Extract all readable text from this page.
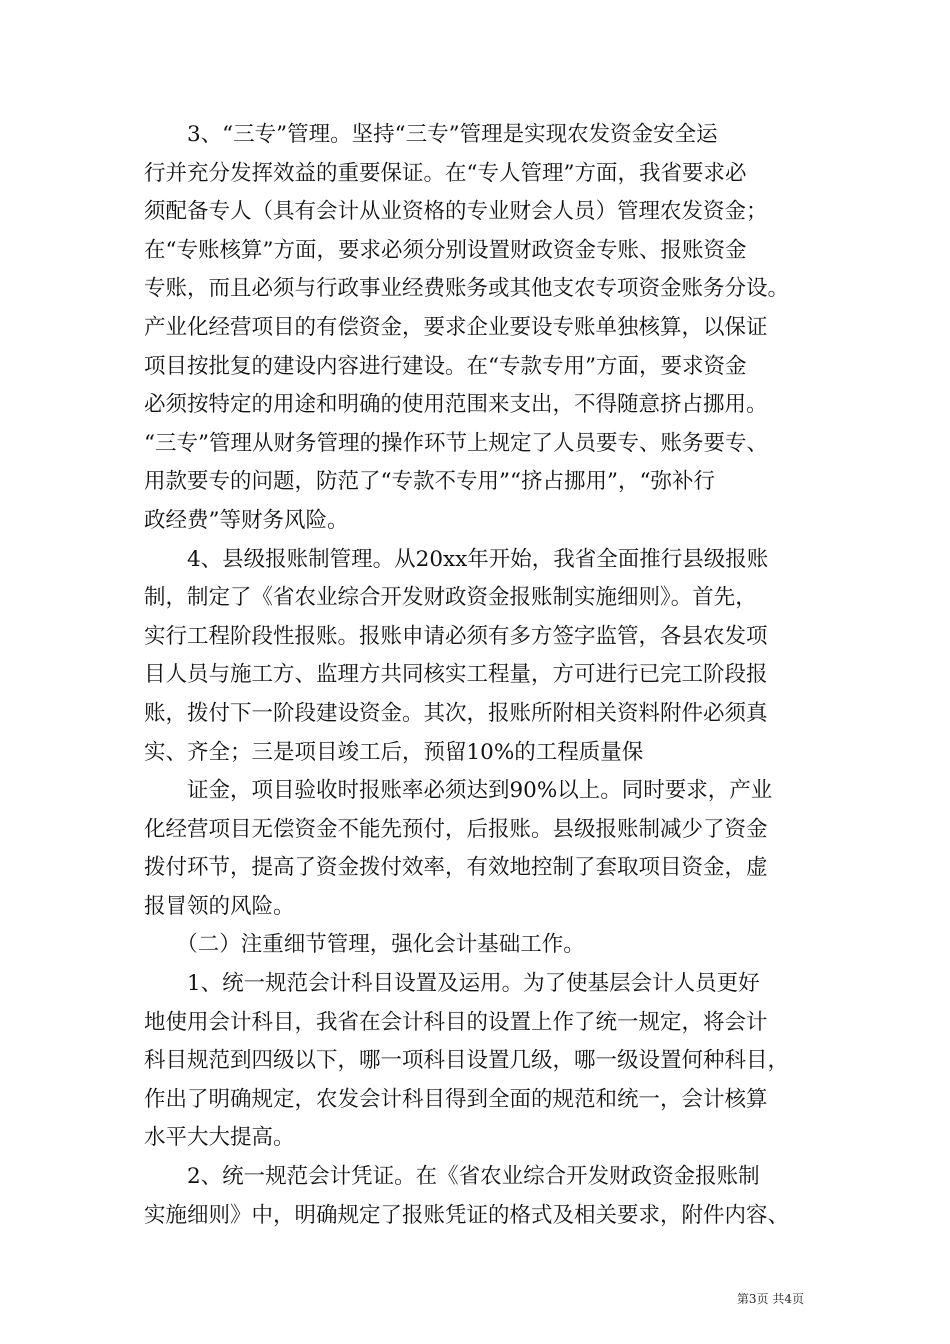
　　3、“三专”管理。坚持“三专”管理是实现农发资金安全运
行并充分发挥效益的重要保证。在“专人管理”方面，我省要求必
须配备专人（具有会计从业资格的专业财会人员）管理农发资金；
在“专账核算”方面，要求必须分别设置财政资金专账、报账资金
专账，而且必须与行政事业经费账务或其他支农专项资金账务分设。
产业化经营项目的有偿资金，要求企业要设专账单独核算，以保证
项目按批复的建设内容进行建设。在“专款专用”方面，要求资金
必须按特定的用途和明确的使用范围来支出，不得随意挤占挪用。
“三专”管理从财务管理的操作环节上规定了人员要专、账务要专、
用款要专的问题，防范了“专款不专用”“挤占挪用”，“弥补行
政经费”等财务风险。
　　4、县级报账制管理。从20xx年开始，我省全面推行县级报账
制，制定了《省农业综合开发财政资金报账制实施细则》。首先，
实行工程阶段性报账。报账申请必须有多方签字监管，各县农发项
目人员与施工方、监理方共同核实工程量，方可进行已完工阶段报
账，拨付下一阶段建设资金。其次，报账所附相关资料附件必须真
实、齐全；三是项目竣工后，预留10%的工程质量保
　　证金，项目验收时报账率必须达到90%以上。同时要求，产业
化经营项目无偿资金不能先预付，后报账。县级报账制减少了资金
拨付环节，提高了资金拨付效率，有效地控制了套取项目资金，虚
报冒领的风险。
　　（二）注重细节管理，强化会计基础工作。
　　1、统一规范会计科目设置及运用。为了使基层会计人员更好
地使用会计科目，我省在会计科目的设置上作了统一规定，将会计
科目规范到四级以下，哪一项科目设置几级，哪一级设置何种科目，
作出了明确规定，农发会计科目得到全面的规范和统一，会计核算
水平大大提高。
　　2、统一规范会计凭证。在《省农业综合开发财政资金报账制
实施细则》中，明确规定了报账凭证的格式及相关要求，附件内容、
第3页 共4页
